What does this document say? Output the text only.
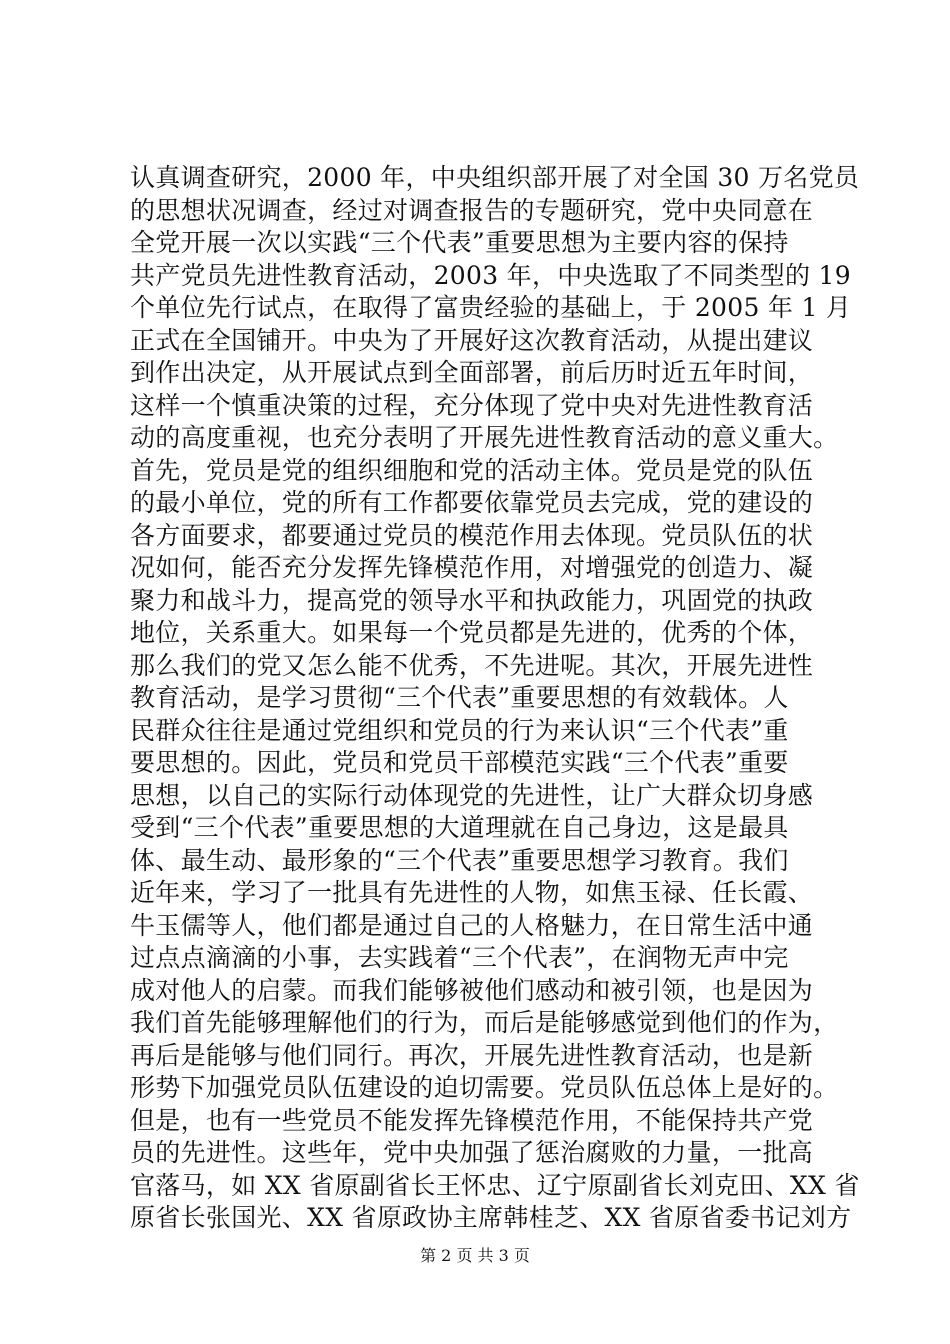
认真调查研究，2000 年，中央组织部开展了对全国 30 万名党员
的思想状况调查，经过对调查报告的专题研究，党中央同意在
全党开展一次以实践“三个代表”重要思想为主要内容的保持
共产党员先进性教育活动，2003 年，中央选取了不同类型的 19
个单位先行试点，在取得了富贵经验的基础上，于 2005 年 1 月
正式在全国铺开。中央为了开展好这次教育活动，从提出建议
到作出决定，从开展试点到全面部署，前后历时近五年时间，
这样一个慎重决策的过程，充分体现了党中央对先进性教育活
动的高度重视，也充分表明了开展先进性教育活动的意义重大。
首先，党员是党的组织细胞和党的活动主体。党员是党的队伍
的最小单位，党的所有工作都要依靠党员去完成，党的建设的
各方面要求，都要通过党员的模范作用去体现。党员队伍的状
况如何，能否充分发挥先锋模范作用，对增强党的创造力、凝
聚力和战斗力，提高党的领导水平和执政能力，巩固党的执政
地位，关系重大。如果每一个党员都是先进的，优秀的个体，
那么我们的党又怎么能不优秀，不先进呢。其次，开展先进性
教育活动，是学习贯彻“三个代表”重要思想的有效载体。人
民群众往往是通过党组织和党员的行为来认识“三个代表”重
要思想的。因此，党员和党员干部模范实践“三个代表”重要
思想，以自己的实际行动体现党的先进性，让广大群众切身感
受到“三个代表”重要思想的大道理就在自己身边，这是最具
体、最生动、最形象的“三个代表”重要思想学习教育。我们
近年来，学习了一批具有先进性的人物，如焦玉禄、任长霞、
牛玉儒等人，他们都是通过自己的人格魅力，在日常生活中通
过点点滴滴的小事，去实践着“三个代表”，在润物无声中完
成对他人的启蒙。而我们能够被他们感动和被引领，也是因为
我们首先能够理解他们的行为，而后是能够感觉到他们的作为，
再后是能够与他们同行。再次，开展先进性教育活动，也是新
形势下加强党员队伍建设的迫切需要。党员队伍总体上是好的。
但是，也有一些党员不能发挥先锋模范作用，不能保持共产党
员的先进性。这些年，党中央加强了惩治腐败的力量，一批高
官落马，如 XX 省原副省长王怀忠、辽宁原副省长刘克田、XX 省
原省长张国光、XX 省原政协主席韩桂芝、XX 省原省委书记刘方
第 2 页 共 3 页
